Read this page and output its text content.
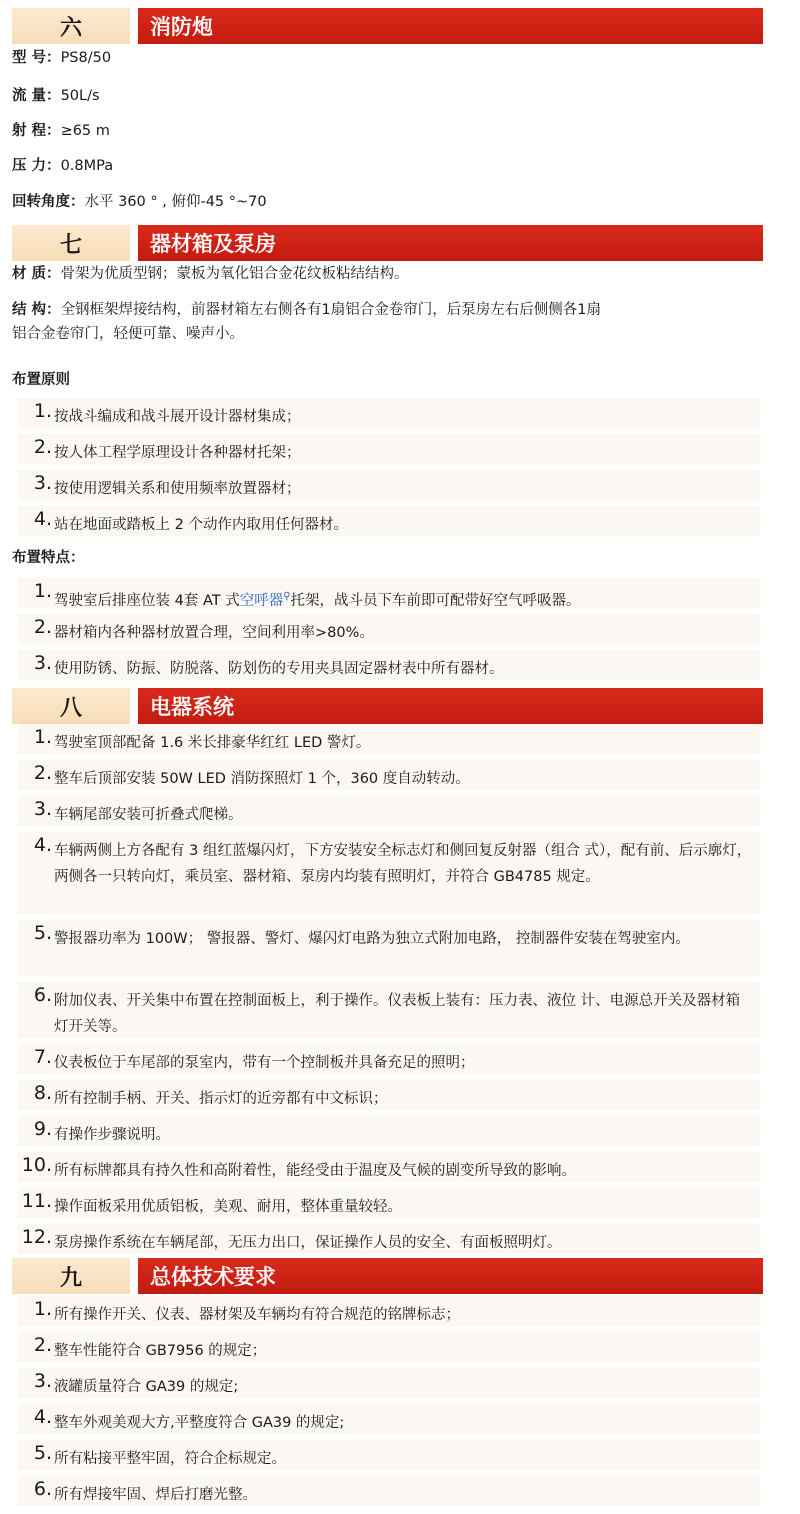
六	消防炮
型 号：PS8/50
流 量：50L/s
射 程：≥65 m
压 力：0.8MPa
回转角度：水平 360 ° , 俯仰-45 °~70
七	器材箱及泵房
材 质：骨架为优质型钢；蒙板为氧化铝合金花纹板粘结结构。
结 构：全钢框架焊接结构，前器材箱左右侧各有1扇铝合金卷帘门，后泵房左右后侧侧各1扇
铝合金卷帘门，轻便可靠、噪声小。
布置原则
1. 按战斗编成和战斗展开设计器材集成；
2. 按人体工程学原理设计各种器材托架；
3. 按使用逻辑关系和使用频率放置器材；
4. 站在地面或踏板上 2 个动作内取用任何器材。
布置特点：
1. 驾驶室后排座位装 4套 AT 式空呼器⚲托架，战斗员下车前即可配带好空气呼吸器。
2. 器材箱内各种器材放置合理，空间利用率>80%。
3. 使用防锈、防振、防脱落、防划伤的专用夹具固定器材表中所有器材。
八	电器系统
1. 驾驶室顶部配备 1.6 米长排豪华红红 LED 警灯。
2. 整车后顶部安装 50W LED 消防探照灯 1 个，360 度自动转动。
3. 车辆尾部安装可折叠式爬梯。
4. 车辆两侧上方各配有 3 组红蓝爆闪灯，下方安装安全标志灯和侧回复反射器（组合 式），配有前、后示廓灯，两侧各一只转向灯，乘员室、器材箱、泵房内均装有照明灯，并符合 GB4785 规定。
5. 警报器功率为 100W； 警报器、警灯、爆闪灯电路为独立式附加电路， 控制器件安装在驾驶室内。
6. 附加仪表、开关集中布置在控制面板上，利于操作。仪表板上装有：压力表、液位 计、电源总开关及器材箱灯开关等。
7. 仪表板位于车尾部的泵室内，带有一个控制板并具备充足的照明；
8. 所有控制手柄、开关、指示灯的近旁都有中文标识；
9. 有操作步骤说明。
10. 所有标牌都具有持久性和高附着性，能经受由于温度及气候的剧变所导致的影响。
11. 操作面板采用优质铝板，美观、耐用，整体重量较轻。
12. 泵房操作系统在车辆尾部，无压力出口，保证操作人员的安全、有面板照明灯。
九	总体技术要求
1. 所有操作开关、仪表、器材架及车辆均有符合规范的铭牌标志；
2. 整车性能符合 GB7956 的规定；
3. 液罐质量符合 GA39 的规定;
4. 整车外观美观大方,平整度符合 GA39 的规定;
5. 所有粘接平整牢固，符合企标规定。
6. 所有焊接牢固、焊后打磨光整。
